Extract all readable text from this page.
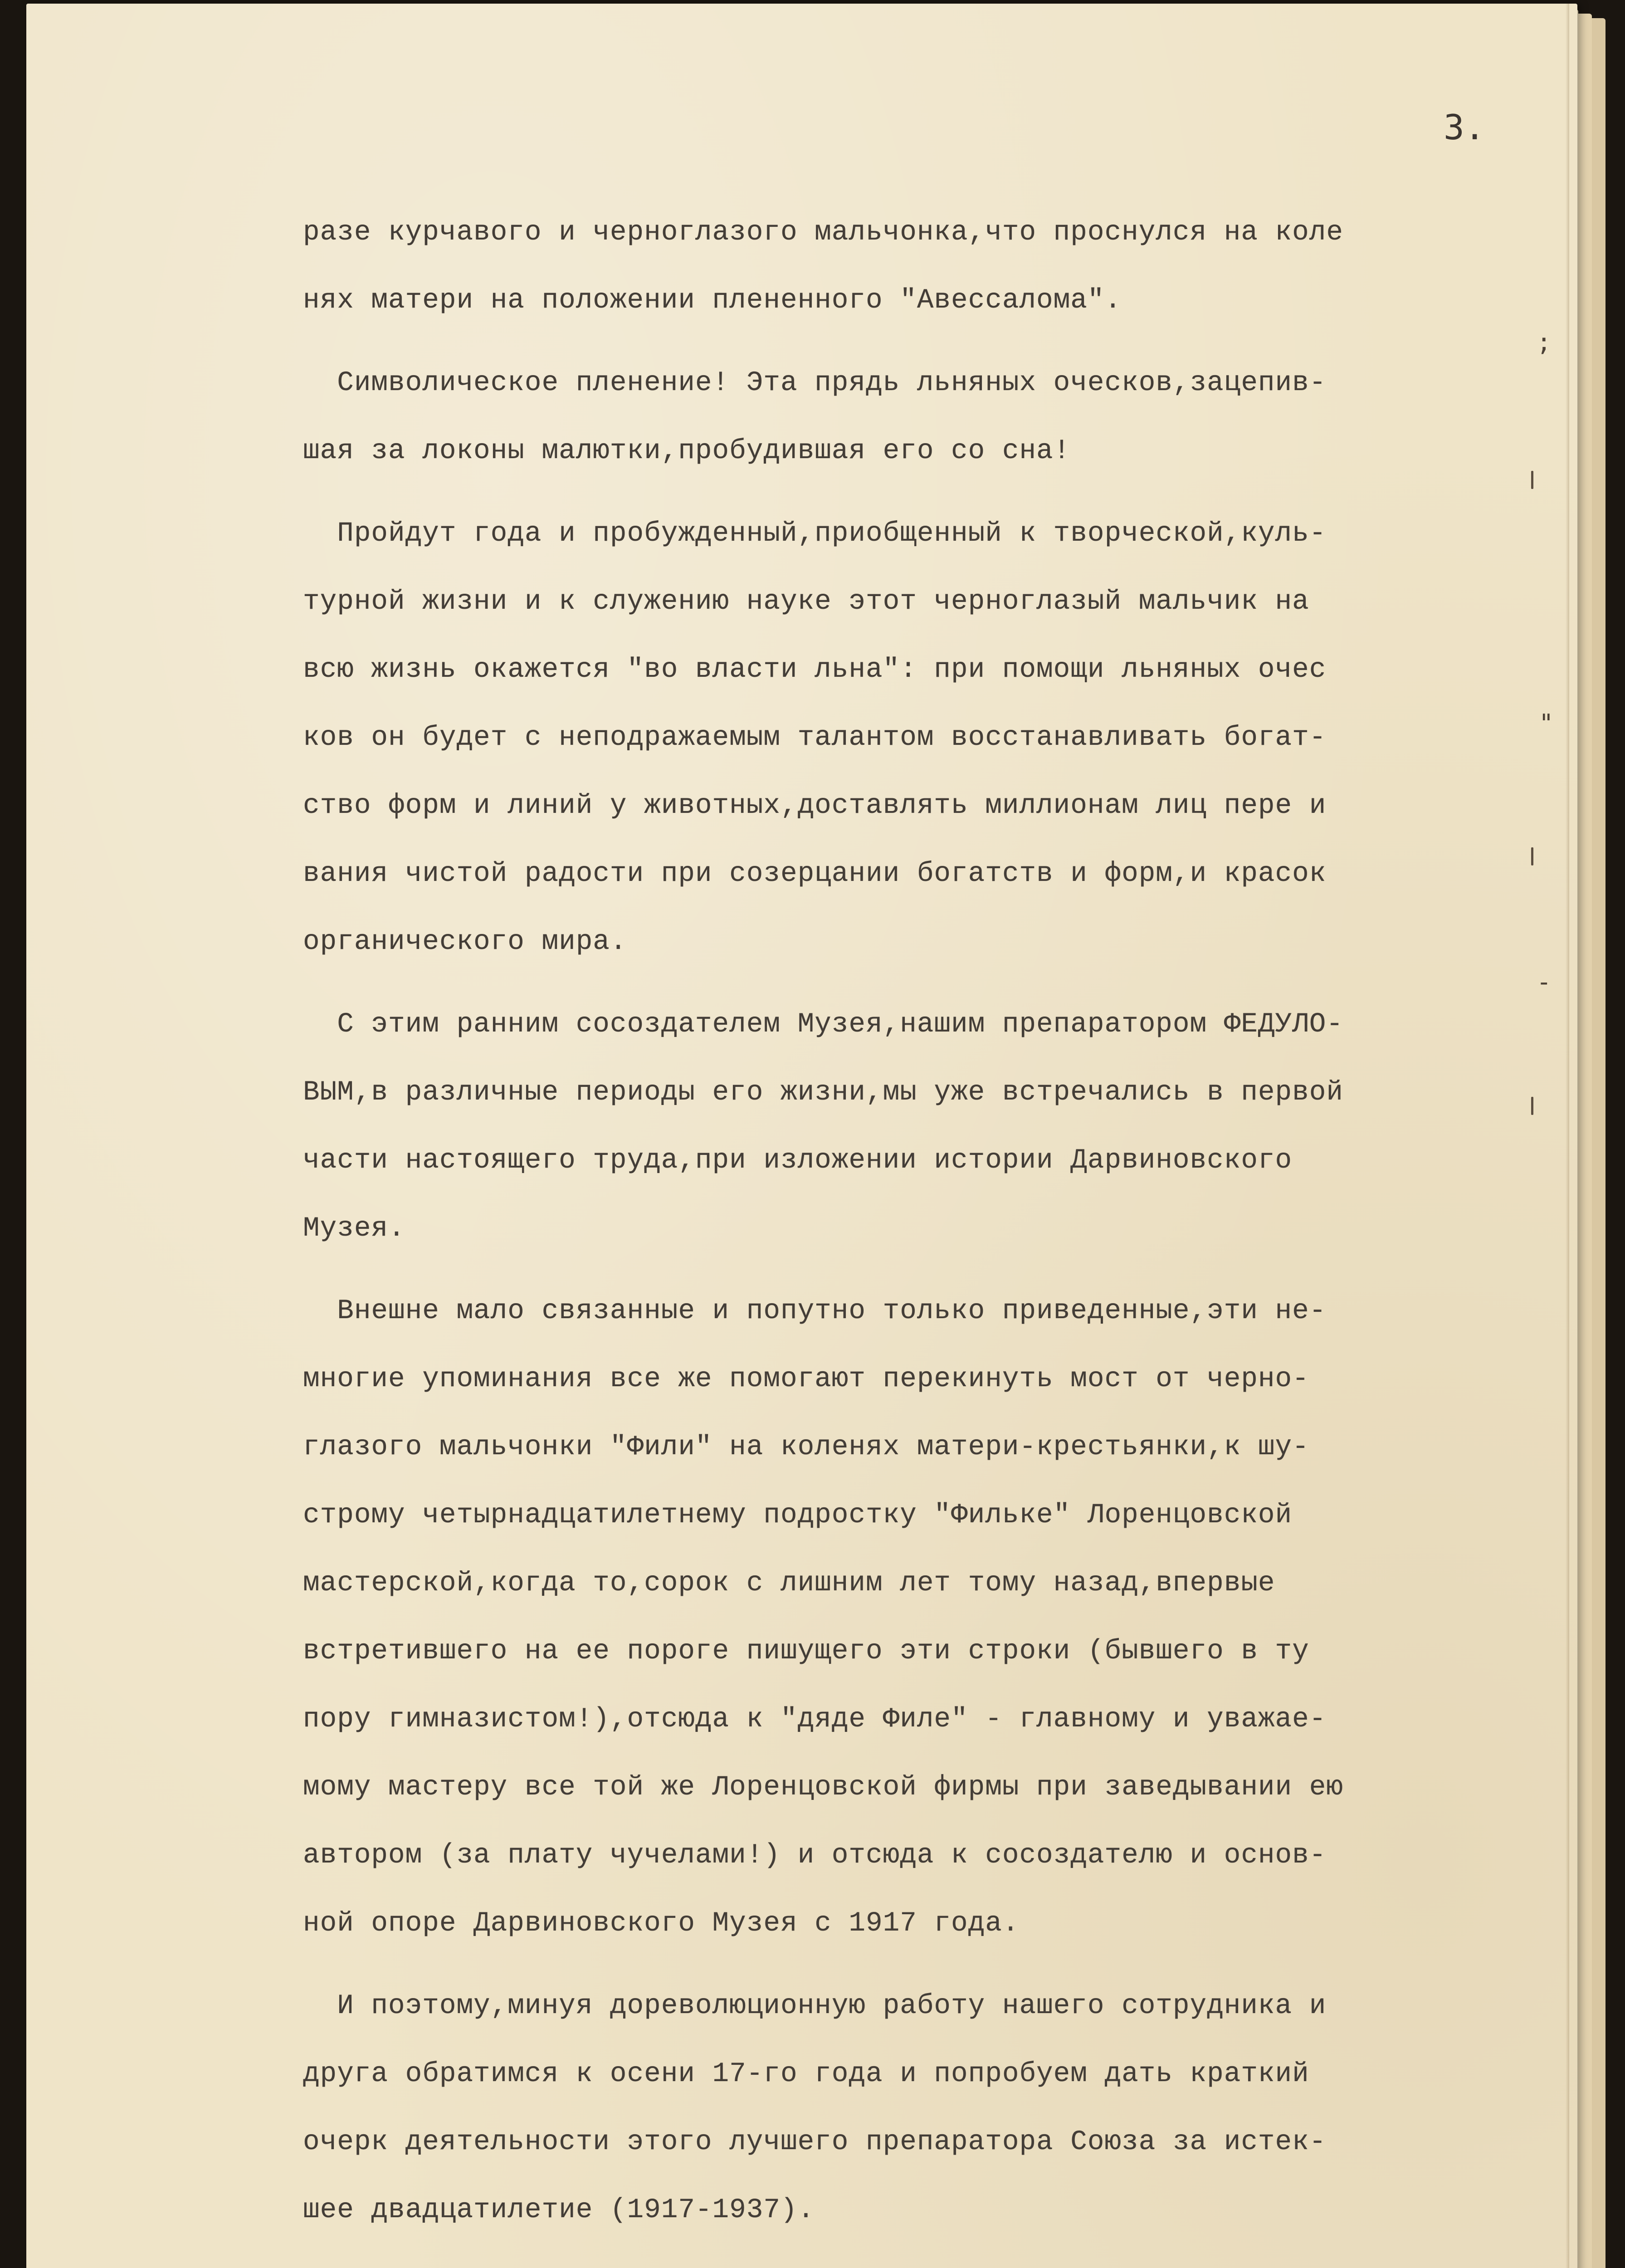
3.

разе курчавого и черноглазого мальчонка,что проснулся на коле
нях матери на положении плененного "Авессалома".
Символическое пленение! Эта прядь льняных оческов,зацепив-
шая за локоны малютки,пробудившая его со сна!
Пройдут года и пробужденный,приобщенный к творческой,куль-
турной жизни и к служению науке этот черноглазый мальчик на
всю жизнь окажется "во власти льна": при помощи льняных очес
ков он будет с неподражаемым талантом восстанавливать богат-
ство форм и линий у животных,доставлять миллионам лиц пере и
вания чистой радости при созерцании богатств и форм,и красок
органического мира.
С этим ранним сосоздателем Музея,нашим препаратором ФЕДУЛО-
ВЫМ,в различные периоды его жизни,мы уже встречались в первой
части настоящего труда,при изложении истории Дарвиновского
Музея.
Внешне мало связанные и попутно только приведенные,эти не-
многие упоминания все же помогают перекинуть мост от черно-
глазого мальчонки "Фили" на коленях матери-крестьянки,к шу-
строму четырнадцатилетнему подростку "Фильке" Лоренцовской
мастерской,когда то,сорок с лишним лет тому назад,впервые
встретившего на ее пороге пишущего эти строки (бывшего в ту
пору гимназистом!),отсюда к "дяде Филе" - главному и уважае-
мому мастеру все той же Лоренцовской фирмы при заведывании ею
автором (за плату чучелами!) и отсюда к сосоздателю и основ-
ной опоре Дарвиновского Музея с 1917 года.
И поэтому,минуя дореволюционную работу нашего сотрудника и
друга обратимся к осени 17-го года и попробуем дать краткий
очерк деятельности этого лучшего препаратора Союза за истек-
шее двадцатилетие (1917-1937).
;
"
-
